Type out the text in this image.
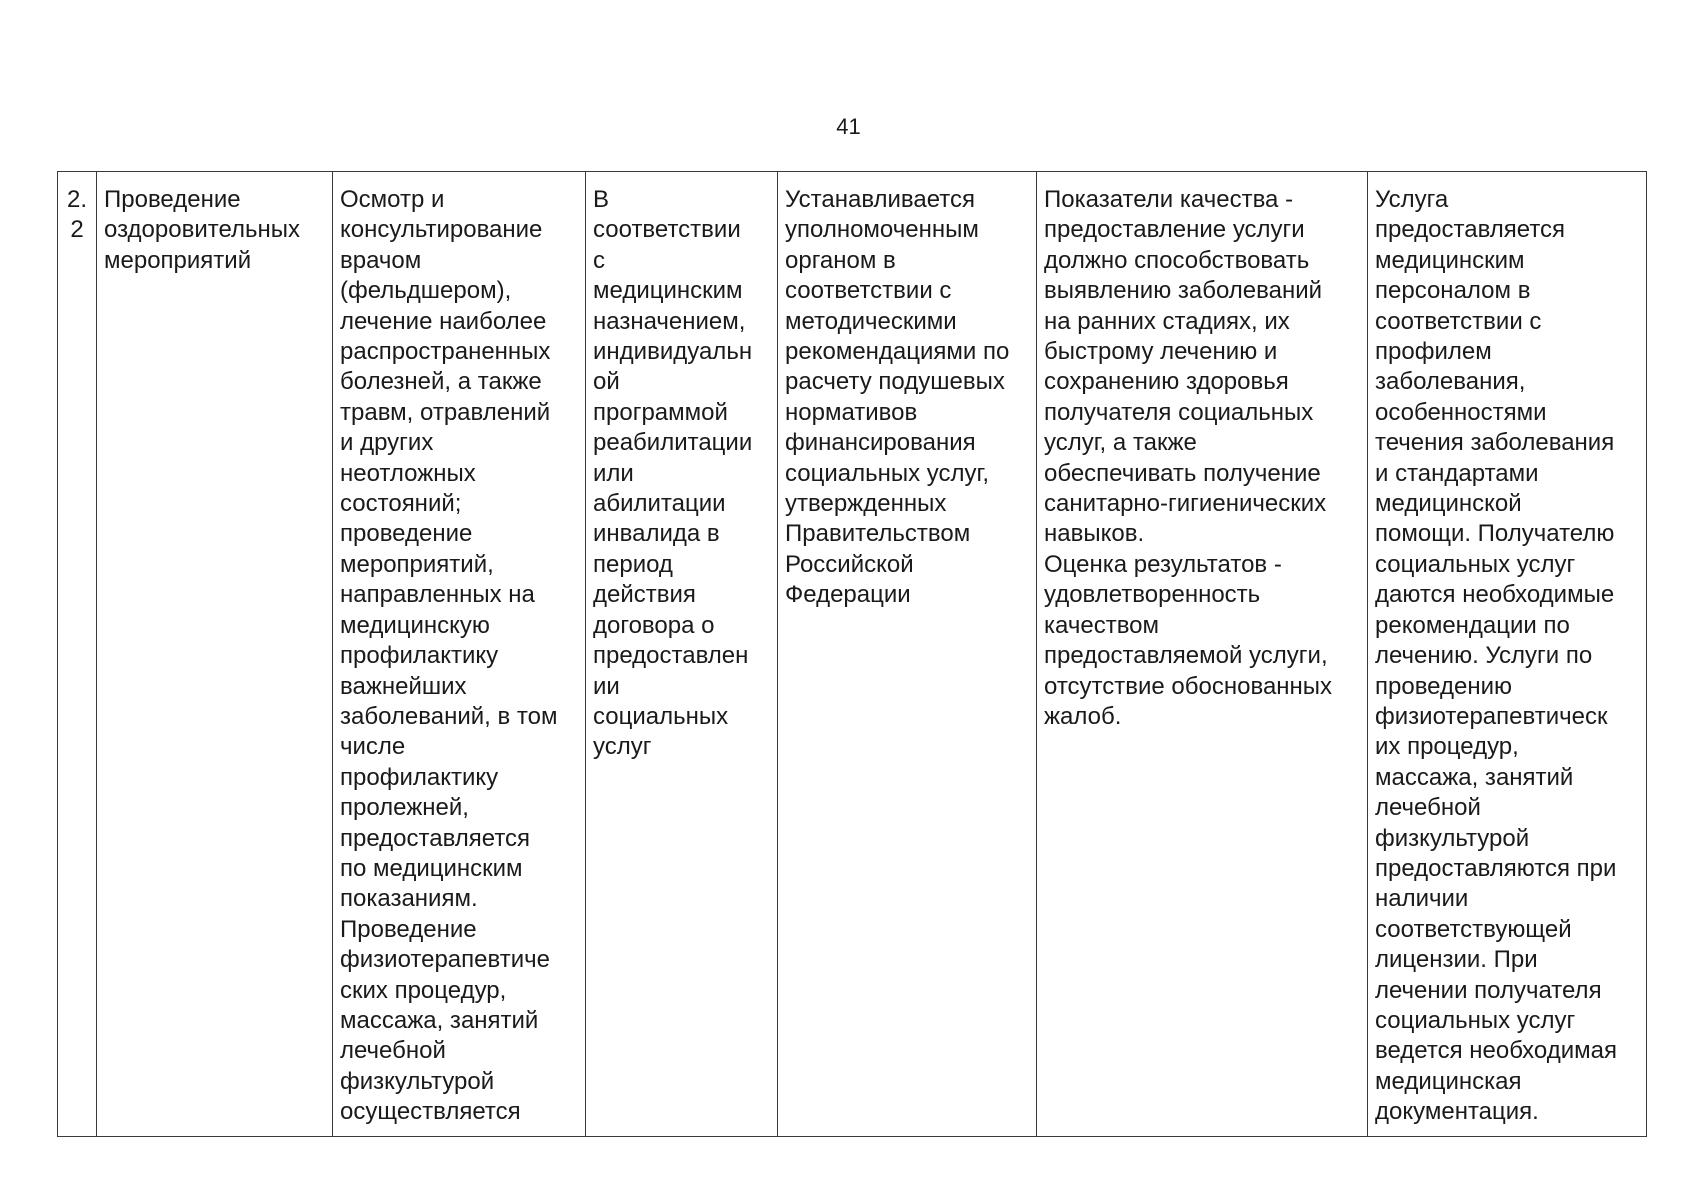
41
2.
2	Проведение
оздоровительных
мероприятий	Осмотр и
консультирование
врачом
(фельдшером),
лечение наиболее
распространенных
болезней, а также
травм, отравлений
и других
неотложных
состояний;
проведение
мероприятий,
направленных на
медицинскую
профилактику
важнейших
заболеваний, в том
числе
профилактику
пролежней,
предоставляется
по медицинским
показаниям.
Проведение
физиотерапевтиче
ских процедур,
массажа, занятий
лечебной
физкультурой
осуществляется	В
соответствии
с
медицинским
назначением,
индивидуальн
ой
программой
реабилитации
или
абилитации
инвалида в
период
действия
договора о
предоставлен
ии
социальных
услуг	Устанавливается
уполномоченным
органом в
соответствии с
методическими
рекомендациями по
расчету подушевых
нормативов
финансирования
социальных услуг,
утвержденных
Правительством
Российской
Федерации	Показатели качества -
предоставление услуги
должно способствовать
выявлению заболеваний
на ранних стадиях, их
быстрому лечению и
сохранению здоровья
получателя социальных
услуг, а также
обеспечивать получение
санитарно-гигиенических
навыков.
Оценка результатов -
удовлетворенность
качеством
предоставляемой услуги,
отсутствие обоснованных
жалоб.	Услуга
предоставляется
медицинским
персоналом в
соответствии с
профилем
заболевания,
особенностями
течения заболевания
и стандартами
медицинской
помощи. Получателю
социальных услуг
даются необходимые
рекомендации по
лечению. Услуги по
проведению
физиотерапевтическ
их процедур,
массажа, занятий
лечебной
физкультурой
предоставляются при
наличии
соответствующей
лицензии. При
лечении получателя
социальных услуг
ведется необходимая
медицинская
документация.
